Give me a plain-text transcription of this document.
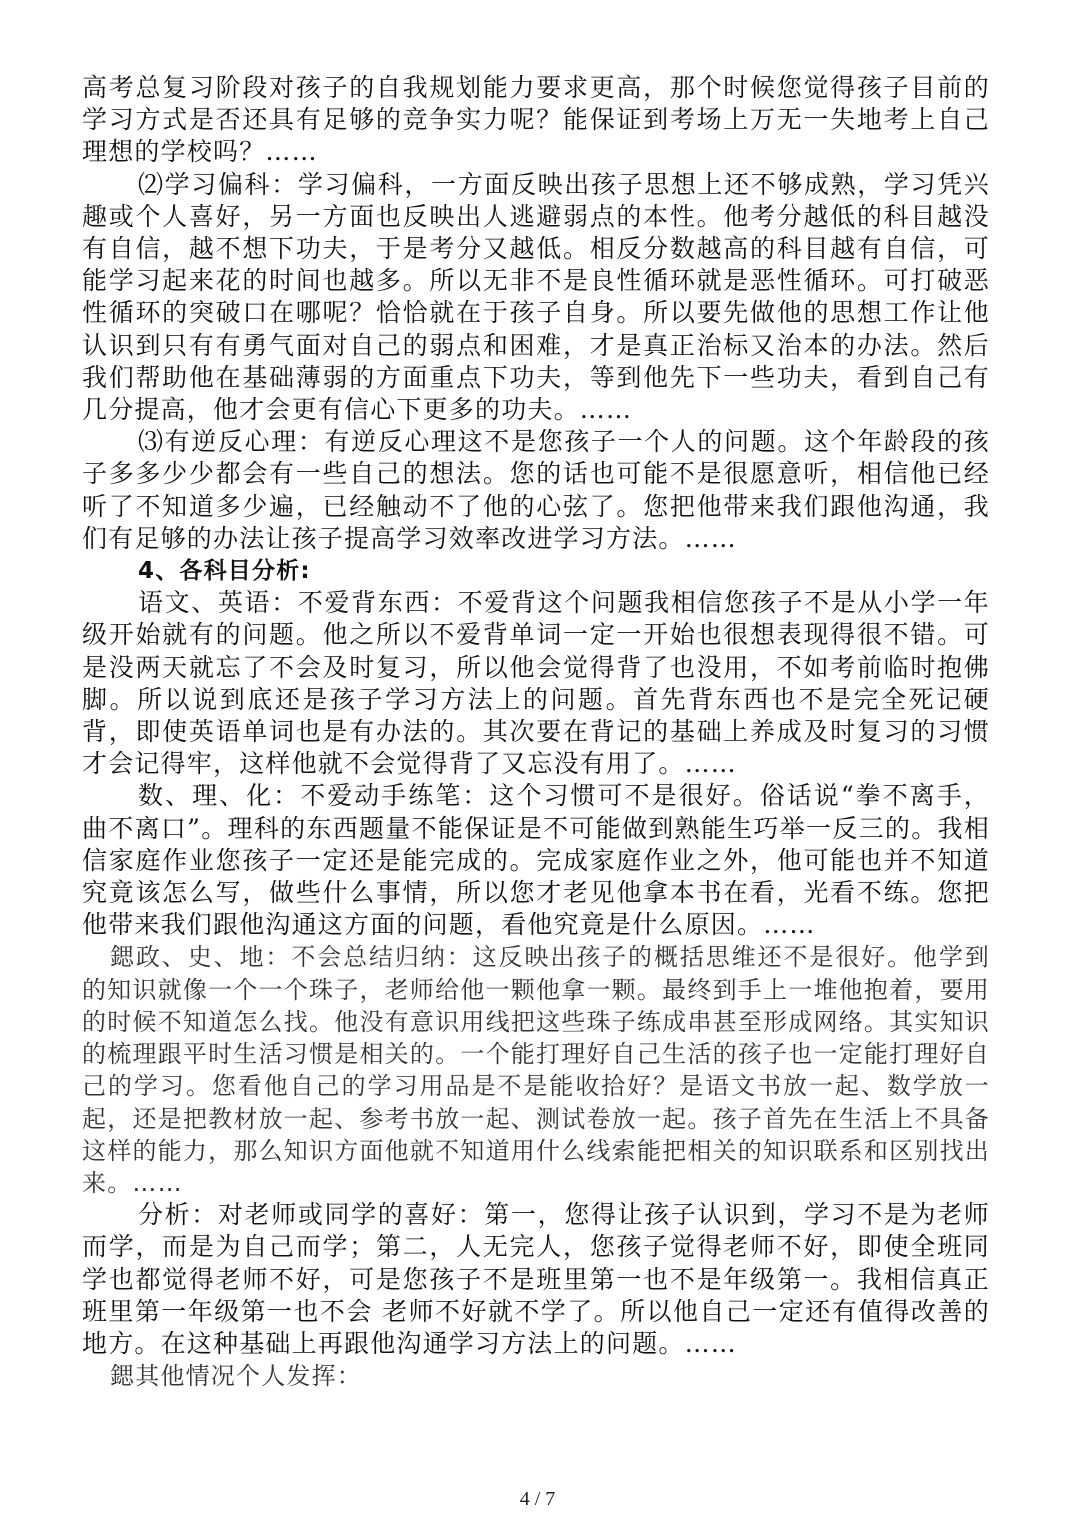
高考总复习阶段对孩子的自我规划能力要求更高，那个时候您觉得孩子目前的学习方式是否还具有足够的竞争实力呢？能保证到考场上万无一失地考上自己理想的学校吗？……

⑵学习偏科：学习偏科，一方面反映出孩子思想上还不够成熟，学习凭兴趣或个人喜好，另一方面也反映出人逃避弱点的本性。他考分越低的科目越没有自信，越不想下功夫，于是考分又越低。相反分数越高的科目越有自信，可能学习起来花的时间也越多。所以无非不是良性循环就是恶性循环。可打破恶性循环的突破口在哪呢？恰恰就在于孩子自身。所以要先做他的思想工作让他认识到只有有勇气面对自己的弱点和困难，才是真正治标又治本的办法。然后我们帮助他在基础薄弱的方面重点下功夫，等到他先下一些功夫，看到自己有几分提高，他才会更有信心下更多的功夫。……

⑶有逆反心理：有逆反心理这不是您孩子一个人的问题。这个年龄段的孩子多多少少都会有一些自己的想法。您的话也可能不是很愿意听，相信他已经听了不知道多少遍，已经触动不了他的心弦了。您把他带来我们跟他沟通，我们有足够的办法让孩子提高学习效率改进学习方法。……

4、各科目分析:

语文、英语：不爱背东西：不爱背这个问题我相信您孩子不是从小学一年级开始就有的问题。他之所以不爱背单词一定一开始也很想表现得很不错。可是没两天就忘了不会及时复习，所以他会觉得背了也没用，不如考前临时抱佛脚。所以说到底还是孩子学习方法上的问题。首先背东西也不是完全死记硬背，即使英语单词也是有办法的。其次要在背记的基础上养成及时复习的习惯才会记得牢，这样他就不会觉得背了又忘没有用了。……

数、理、化：不爱动手练笔：这个习惯可不是很好。俗话说“拳不离手，曲不离口”。理科的东西题量不能保证是不可能做到熟能生巧举一反三的。我相信家庭作业您孩子一定还是能完成的。完成家庭作业之外，他可能也并不知道究竟该怎么写，做些什么事情，所以您才老见他拿本书在看，光看不练。您把他带来我们跟他沟通这方面的问题，看他究竟是什么原因。……

鍶政、史、地：不会总结归纳：这反映出孩子的概括思维还不是很好。他学到的知识就像一个一个珠子，老师给他一颗他拿一颗。最终到手上一堆他抱着，要用的时候不知道怎么找。他没有意识用线把这些珠子练成串甚至形成网络。其实知识的梳理跟平时生活习惯是相关的。一个能打理好自己生活的孩子也一定能打理好自己的学习。您看他自己的学习用品是不是能收拾好？是语文书放一起、数学放一起，还是把教材放一起、参考书放一起、测试卷放一起。孩子首先在生活上不具备这样的能力，那么知识方面他就不知道用什么线索能把相关的知识联系和区别找出来。……

分析：对老师或同学的喜好：第一，您得让孩子认识到，学习不是为老师而学，而是为自己而学；第二，人无完人，您孩子觉得老师不好，即使全班同学也都觉得老师不好，可是您孩子不是班里第一也不是年级第一。我相信真正班里第一年级第一也不会 老师不好就不学了。所以他自己一定还有值得改善的地方。在这种基础上再跟他沟通学习方法上的问题。……

鍶其他情况个人发挥：

4 / 7
